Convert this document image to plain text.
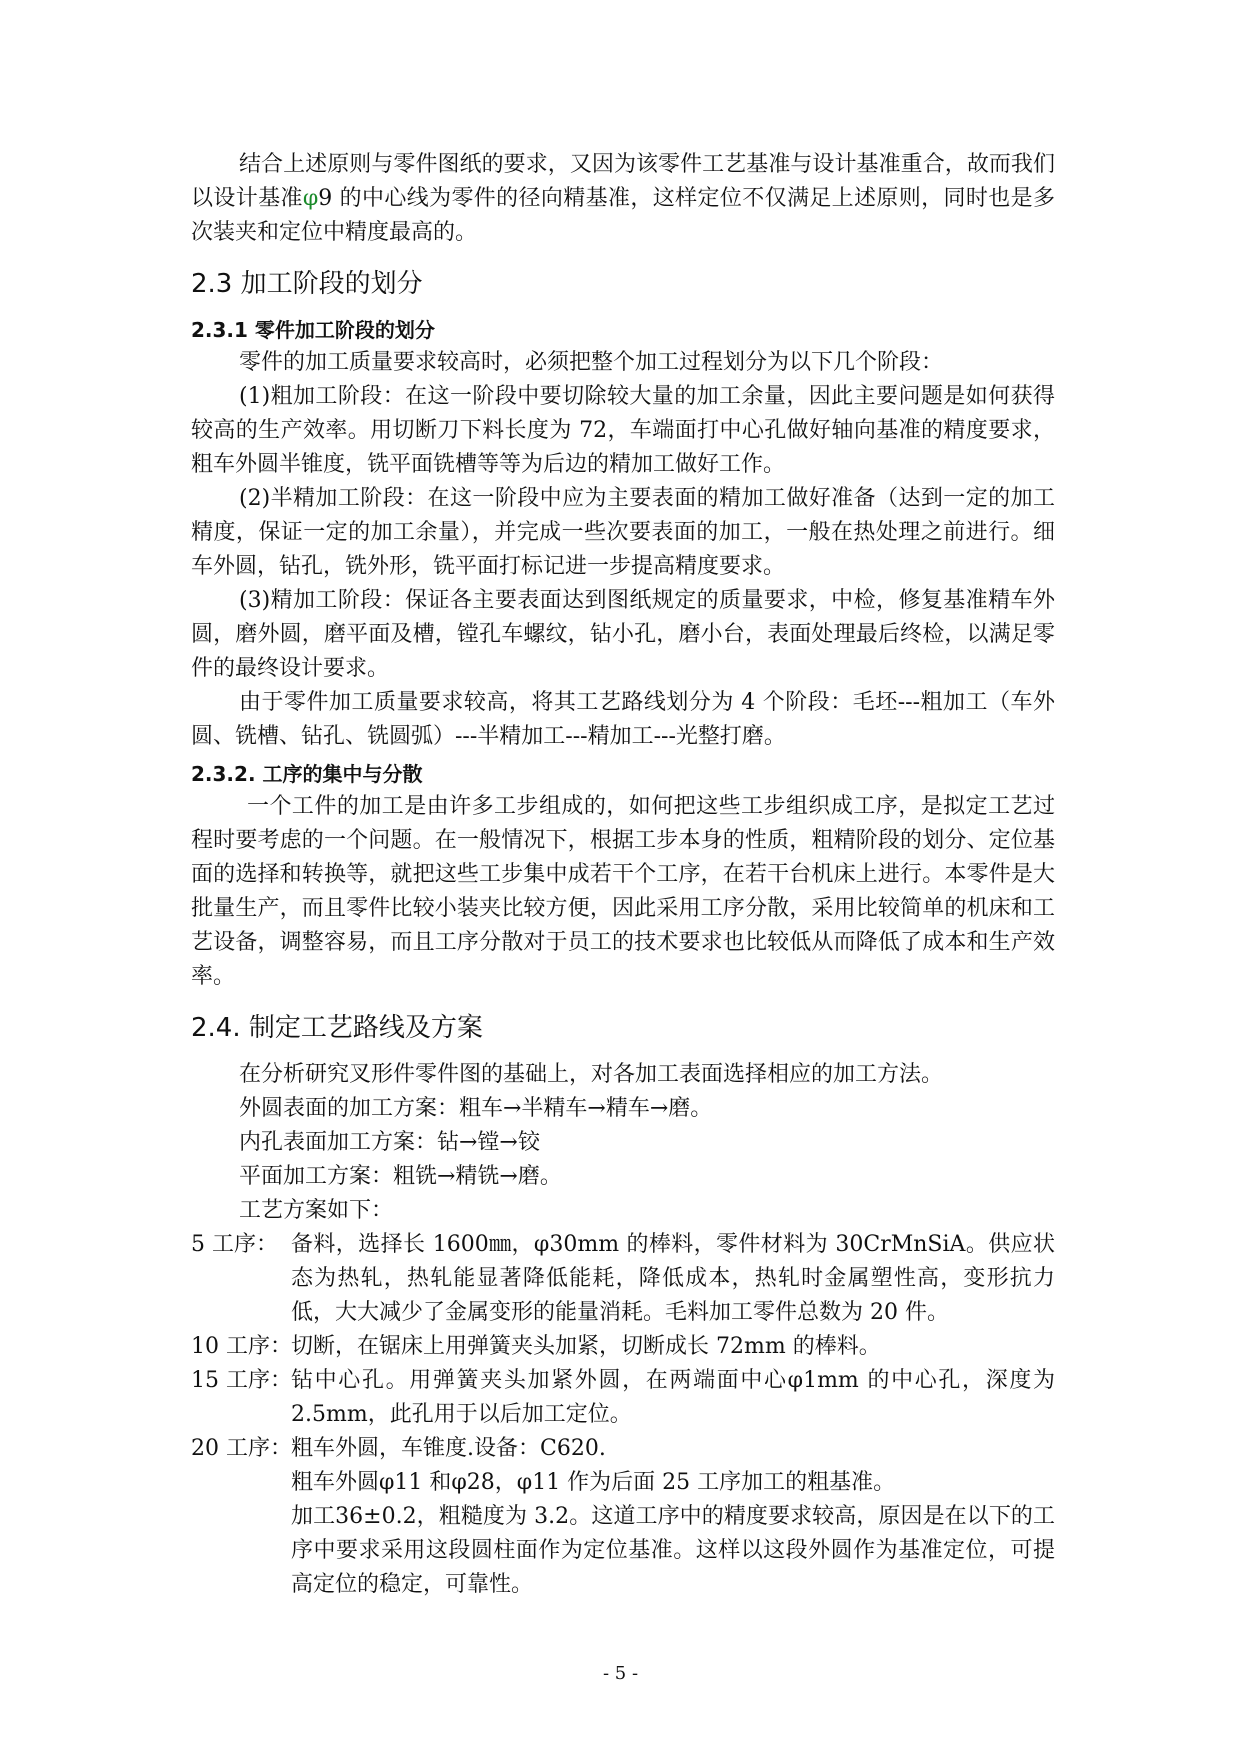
结合上述原则与零件图纸的要求，又因为该零件工艺基准与设计基准重合，故而我们以设计基准φ9 的中心线为零件的径向精基准，这样定位不仅满足上述原则，同时也是多次装夹和定位中精度最高的。

2.3 加工阶段的划分
2.3.1 零件加工阶段的划分

零件的加工质量要求较高时，必须把整个加工过程划分为以下几个阶段：

(1)粗加工阶段：在这一阶段中要切除较大量的加工余量，因此主要问题是如何获得较高的生产效率。用切断刀下料长度为 72，车端面打中心孔做好轴向基准的精度要求，粗车外圆半锥度，铣平面铣槽等等为后边的精加工做好工作。

(2)半精加工阶段：在这一阶段中应为主要表面的精加工做好准备（达到一定的加工精度，保证一定的加工余量），并完成一些次要表面的加工，一般在热处理之前进行。细车外圆，钻孔，铣外形，铣平面打标记进一步提高精度要求。

(3)精加工阶段：保证各主要表面达到图纸规定的质量要求，中检，修复基准精车外圆，磨外圆，磨平面及槽，镗孔车螺纹，钻小孔，磨小台，表面处理最后终检，以满足零件的最终设计要求。

由于零件加工质量要求较高，将其工艺路线划分为 4 个阶段：毛坯---粗加工（车外圆、铣槽、钻孔、铣圆弧）---半精加工---精加工---光整打磨。

2.3.2. 工序的集中与分散

一个工件的加工是由许多工步组成的，如何把这些工步组织成工序，是拟定工艺过程时要考虑的一个问题。在一般情况下，根据工步本身的性质，粗精阶段的划分、定位基面的选择和转换等，就把这些工步集中成若干个工序，在若干台机床上进行。本零件是大批量生产，而且零件比较小装夹比较方便，因此采用工序分散，采用比较简单的机床和工艺设备，调整容易，而且工序分散对于员工的技术要求也比较低从而降低了成本和生产效率。

2.4. 制定工艺路线及方案

在分析研究叉形件零件图的基础上，对各加工表面选择相应的加工方法。

外圆表面的加工方案：粗车→半精车→精车→磨。

内孔表面加工方案：钻→镗→铰

平面加工方案：粗铣→精铣→磨。

工艺方案如下：

5 工序： 备料，选择长 1600㎜，φ30mm 的棒料，零件材料为 30CrMnSiA。供应状态为热轧，热轧能显著降低能耗，降低成本，热轧时金属塑性高，变形抗力低，大大减少了金属变形的能量消耗。毛料加工零件总数为 20 件。
10 工序： 切断，在锯床上用弹簧夹头加紧，切断成长 72mm 的棒料。
15 工序： 钻中心孔。用弹簧夹头加紧外圆，在两端面中心φ1mm 的中心孔，深度为 2.5mm，此孔用于以后加工定位。
20 工序： 粗车外圆，车锥度.设备：C620.

粗车外圆φ11 和φ28，φ11 作为后面 25 工序加工的粗基准。

加工36±0.2，粗糙度为 3.2。这道工序中的精度要求较高，原因是在以下的工序中要求采用这段圆柱面作为定位基准。这样以这段外圆作为基准定位，可提高定位的稳定，可靠性。

- 5 -
